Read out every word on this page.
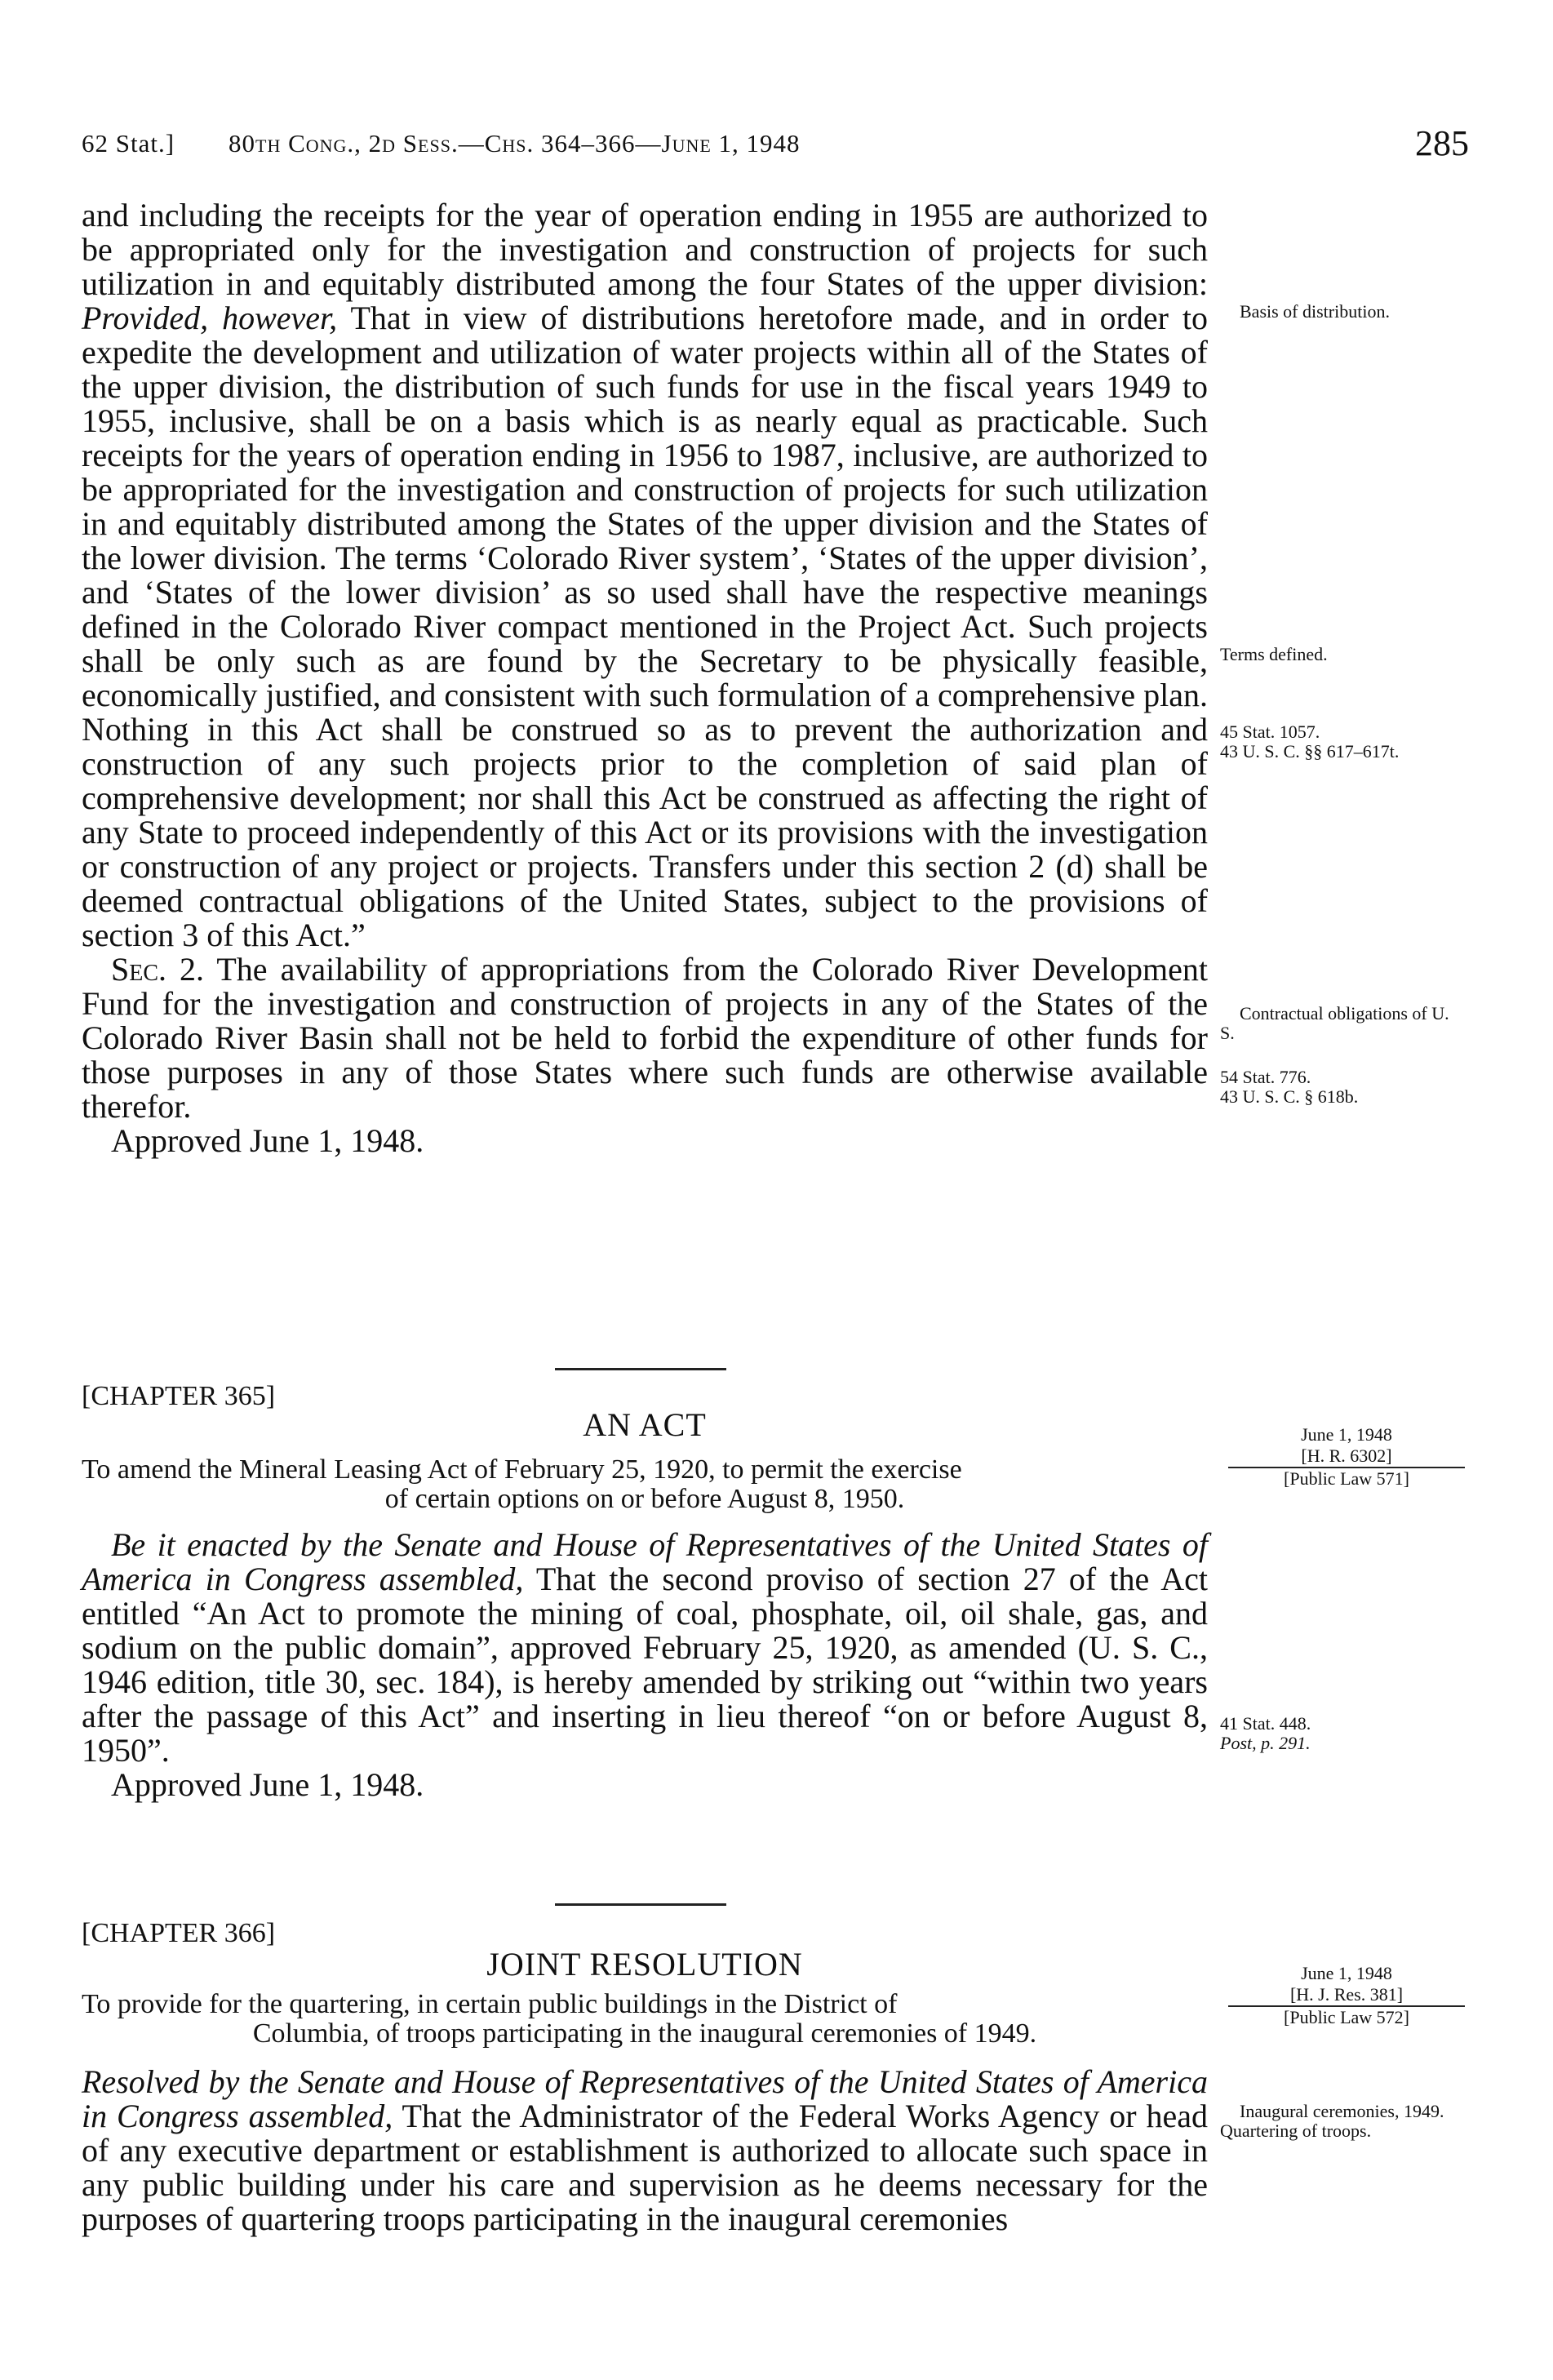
62 Stat.] 80th Cong., 2d Sess.—Chs. 364–366—June 1, 1948	285

and including the receipts for the year of operation ending in 1955 are authorized to be appropriated only for the investigation and construction of projects for such utilization in and equitably distributed among the four States of the upper division: Provided, however, That in view of distributions heretofore made, and in order to expedite the development and utilization of water projects within all of the States of the upper division, the distribution of such funds for use in the fiscal years 1949 to 1955, inclusive, shall be on a basis which is as nearly equal as practicable. Such receipts for the years of operation ending in 1956 to 1987, inclusive, are authorized to be appropriated for the investigation and construction of projects for such utilization in and equitably distributed among the States of the upper division and the States of the lower division. The terms ‘Colorado River system’, ‘States of the upper division’, and ‘States of the lower division’ as so used shall have the respective meanings defined in the Colorado River compact mentioned in the Project Act. Such projects shall be only such as are found by the Secretary to be physically feasible, economically justified, and consistent with such formulation of a comprehensive plan. Nothing in this Act shall be construed so as to prevent the authorization and construction of any such projects prior to the completion of said plan of comprehensive development; nor shall this Act be construed as affecting the right of any State to proceed independently of this Act or its provisions with the investigation or construction of any project or projects. Transfers under this section 2 (d) shall be deemed contractual obligations of the United States, subject to the provisions of section 3 of this Act.”

Sec. 2. The availability of appropriations from the Colorado River Development Fund for the investigation and construction of projects in any of the States of the Colorado River Basin shall not be held to forbid the expenditure of other funds for those purposes in any of those States where such funds are otherwise available therefor.

Approved June 1, 1948.

Basis of distribution.
Terms defined.
45 Stat. 1057.
43 U. S. C. §§ 617–617t.
Contractual obligations of U. S.
54 Stat. 776.
43 U. S. C. § 618b.
[CHAPTER 365]
AN ACT
To amend the Mineral Leasing Act of February 25, 1920, to permit the exercise
of certain options on or before August 8, 1950.
June 1, 1948
[H. R. 6302]
[Public Law 571]

Be it enacted by the Senate and House of Representatives of the United States of America in Congress assembled, That the second proviso of section 27 of the Act entitled “An Act to promote the mining of coal, phosphate, oil, oil shale, gas, and sodium on the public domain”, approved February 25, 1920, as amended (U. S. C., 1946 edition, title 30, sec. 184), is hereby amended by striking out “within two years after the passage of this Act” and inserting in lieu thereof “on or before August 8, 1950”.

Approved June 1, 1948.

41 Stat. 448.
Post, p. 291.
[CHAPTER 366]
JOINT RESOLUTION
To provide for the quartering, in certain public buildings in the District of
Columbia, of troops participating in the inaugural ceremonies of 1949.
June 1, 1948
[H. J. Res. 381]
[Public Law 572]

Resolved by the Senate and House of Representatives of the United States of America in Congress assembled, That the Administrator of the Federal Works Agency or head of any executive department or establishment is authorized to allocate such space in any public building under his care and supervision as he deems necessary for the purposes of quartering troops participating in the inaugural ceremonies

Inaugural ceremonies, 1949.
Quartering of troops.
